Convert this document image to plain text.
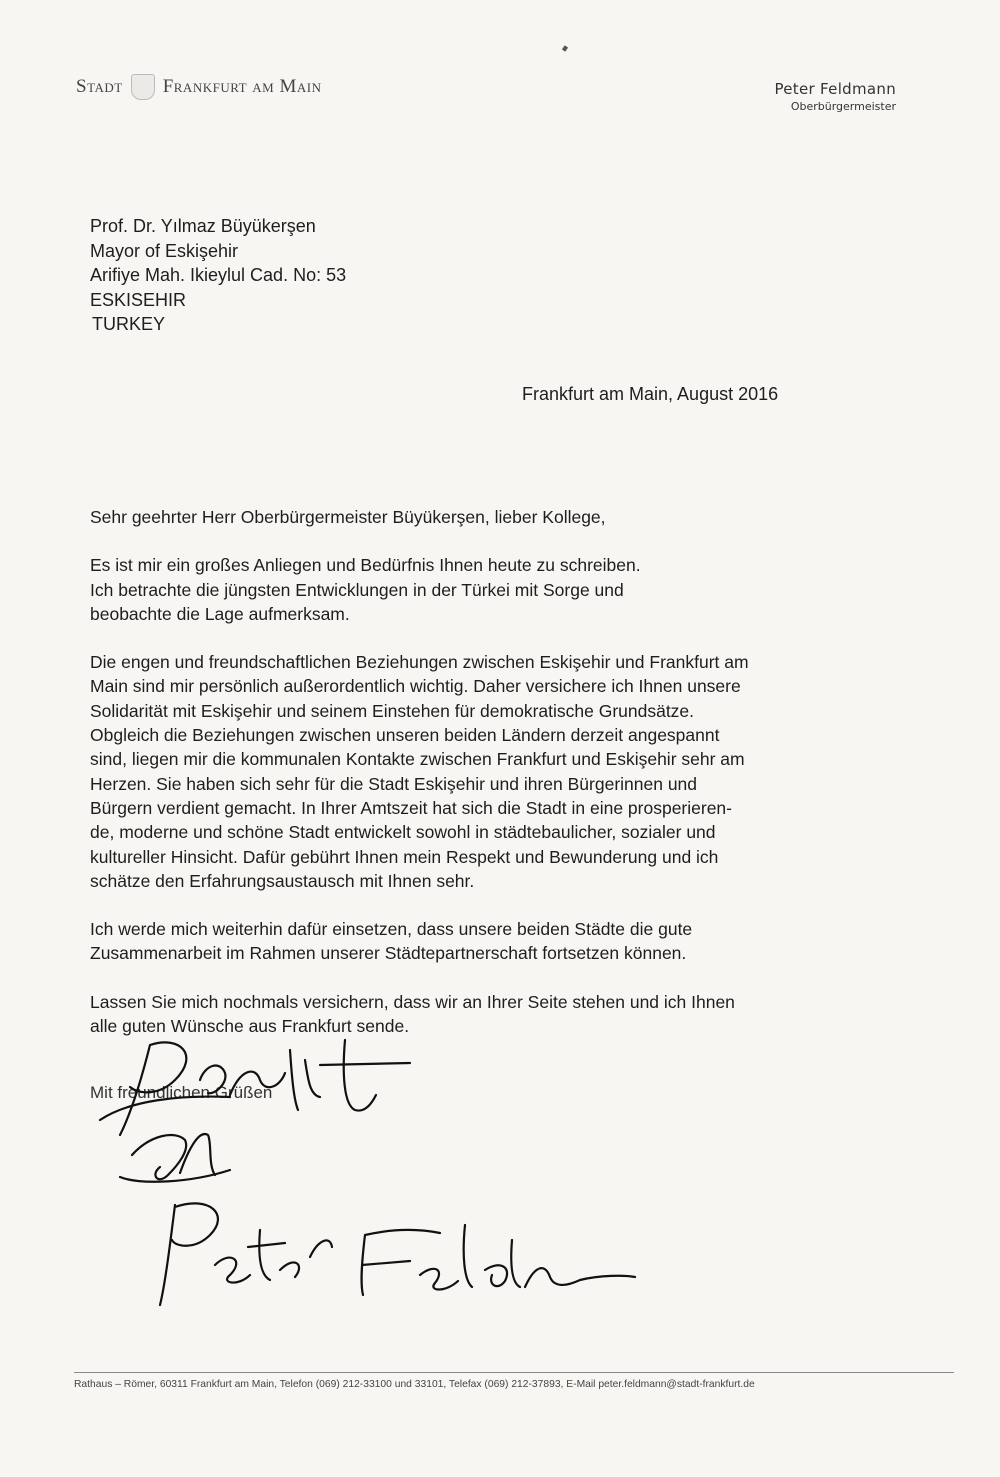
Stadt Frankfurt am Main	Peter Feldmann
Oberbürgermeister
Prof. Dr. Yılmaz Büyükerşen
Mayor of Eskişehir
Arifiye Mah. Ikieylul Cad. No: 53
ESKISEHIR
TURKEY
Frankfurt am Main, August 2016

Sehr geehrter Herr Oberbürgermeister Büyükerşen, lieber Kollege,

Es ist mir ein großes Anliegen und Bedürfnis Ihnen heute zu schreiben.
Ich betrachte die jüngsten Entwicklungen in der Türkei mit Sorge und
beobachte die Lage aufmerksam.

Die engen und freundschaftlichen Beziehungen zwischen Eskişehir und Frankfurt am
Main sind mir persönlich außerordentlich wichtig. Daher versichere ich Ihnen unsere
Solidarität mit Eskişehir und seinem Einstehen für demokratische Grundsätze.
Obgleich die Beziehungen zwischen unseren beiden Ländern derzeit angespannt
sind, liegen mir die kommunalen Kontakte zwischen Frankfurt und Eskişehir sehr am
Herzen. Sie haben sich sehr für die Stadt Eskişehir und ihren Bürgerinnen und
Bürgern verdient gemacht. In Ihrer Amtszeit hat sich die Stadt in eine prosperieren-
de, moderne und schöne Stadt entwickelt sowohl in städtebaulicher, sozialer und
kultureller Hinsicht. Dafür gebührt Ihnen mein Respekt und Bewunderung und ich
schätze den Erfahrungsaustausch mit Ihnen sehr.

Ich werde mich weiterhin dafür einsetzen, dass unsere beiden Städte die gute
Zusammenarbeit im Rahmen unserer Städtepartnerschaft fortsetzen können.

Lassen Sie mich nochmals versichern, dass wir an Ihrer Seite stehen und ich Ihnen
alle guten Wünsche aus Frankfurt sende.

Mit freundlichen Grüßen
Rathaus – Römer, 60311 Frankfurt am Main, Telefon (069) 212-33100 und 33101, Telefax (069) 212-37893, E-Mail peter.feldmann@stadt-frankfurt.de
